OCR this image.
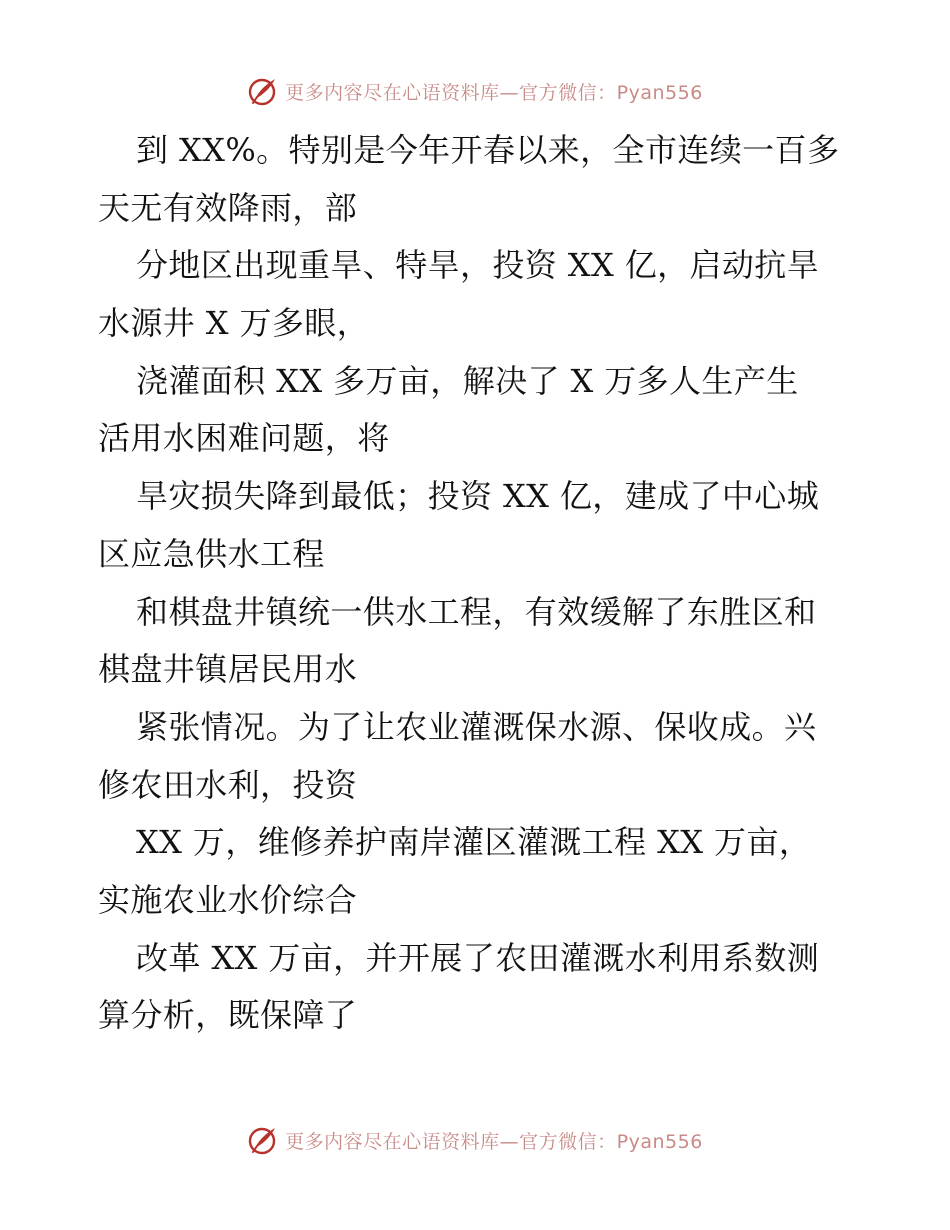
更多内容尽在心语资料库—官方微信：Pyan556
到 XX%。特别是今年开春以来，全市连续一百多
天无有效降雨，部
分地区出现重旱、特旱，投资 XX 亿，启动抗旱
水源井 X 万多眼，
浇灌面积 XX 多万亩，解决了 X 万多人生产生
活用水困难问题，将
旱灾损失降到最低；投资 XX 亿，建成了中心城
区应急供水工程
和棋盘井镇统一供水工程，有效缓解了东胜区和
棋盘井镇居民用水
紧张情况。为了让农业灌溉保水源、保收成。兴
修农田水利，投资
XX 万，维修养护南岸灌区灌溉工程 XX 万亩，
实施农业水价综合
改革 XX 万亩，并开展了农田灌溉水利用系数测
算分析，既保障了
更多内容尽在心语资料库—官方微信：Pyan556
